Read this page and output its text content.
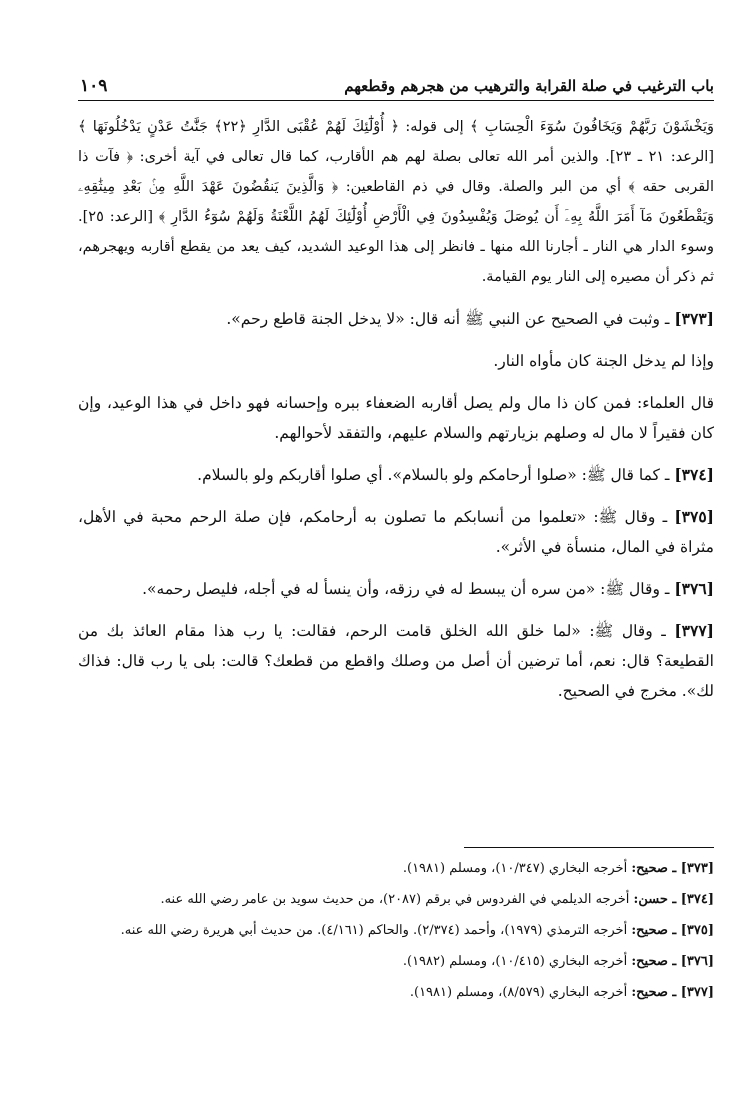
باب الترغيب في صلة القرابة والترهيب من هجرهم وقطعهم
١٠٩

وَيَخْشَوْنَ رَبَّهُمْ وَيَخَافُونَ سُوٓءَ الْحِسَابِ ﴾ إلى قوله: ﴿ أُوْلَٰٓئِكَ لَهُمْ عُقْبَى الدَّارِ ﴿٢٢﴾ جَنَّٰتُ عَدْنٍ يَدْخُلُونَهَا ﴾ [الرعد: ٢١ ـ ٢٣]. والذين أمر الله تعالى بصلة لهم هم الأقارب، كما قال تعالى في آية أخرى: ﴿ فآت ذا القربى حقه ﴾ أي من البر والصلة. وقال في ذم القاطعين: ﴿ وَالَّذِينَ يَنقُضُونَ عَهْدَ اللَّهِ مِنۢ بَعْدِ مِيثَٰقِهِۦ وَيَقْطَعُونَ مَآ أَمَرَ اللَّهُ بِهِۦٓ أَن يُوصَلَ وَيُفْسِدُونَ فِي الْأَرْضِ أُوْلَٰٓئِكَ لَهُمُ اللَّعْنَةُ وَلَهُمْ سُوٓءُ الدَّارِ ﴾ [الرعد: ٢٥]. وسوء الدار هي النار ـ أجارنا الله منها ـ فانظر إلى هذا الوعيد الشديد، كيف يعد من يقطع أقاربه ويهجرهم، ثم ذكر أن مصيره إلى النار يوم القيامة.

[٣٧٣] ـ وثبت في الصحيح عن النبي ﷺ أنه قال: «لا يدخل الجنة قاطع رحم».

وإذا لم يدخل الجنة كان مأواه النار.

قال العلماء: فمن كان ذا مال ولم يصل أقاربه الضعفاء ببره وإحسانه فهو داخل في هذا الوعيد، وإن كان فقيراً لا مال له وصلهم بزيارتهم والسلام عليهم، والتفقد لأحوالهم.

[٣٧٤] ـ كما قال ﷺ: «صلوا أرحامكم ولو بالسلام». أي صلوا أقاربكم ولو بالسلام.

[٣٧٥] ـ وقال ﷺ: «تعلموا من أنسابكم ما تصلون به أرحامكم، فإن صلة الرحم محبة في الأهل، مثراة في المال، منسأة في الأثر».

[٣٧٦] ـ وقال ﷺ: «من سره أن يبسط له في رزقه، وأن ينسأ له في أجله، فليصل رحمه».

[٣٧٧] ـ وقال ﷺ: «لما خلق الله الخلق قامت الرحم، فقالت: يا رب هذا مقام العائذ بك من القطيعة؟ قال: نعم، أما ترضين أن أصل من وصلك واقطع من قطعك؟ قالت: بلى يا رب قال: فذاك لك». مخرج في الصحيح.

[٣٧٣] ـ صحيح: أخرجه البخاري (١٠/٣٤٧)، ومسلم (١٩٨١).

[٣٧٤] ـ حسن: أخرجه الديلمي في الفردوس في برقم (٢٠٨٧)، من حديث سويد بن عامر رضي الله عنه.

[٣٧٥] ـ صحيح: أخرجه الترمذي (١٩٧٩)، وأحمد (٢/٣٧٤). والحاكم (٤/١٦١). من حديث أبي هريرة رضي الله عنه.

[٣٧٦] ـ صحيح: أخرجه البخاري (١٠/٤١٥)، ومسلم (١٩٨٢).

[٣٧٧] ـ صحيح: أخرجه البخاري (٨/٥٧٩)، ومسلم (١٩٨١).
